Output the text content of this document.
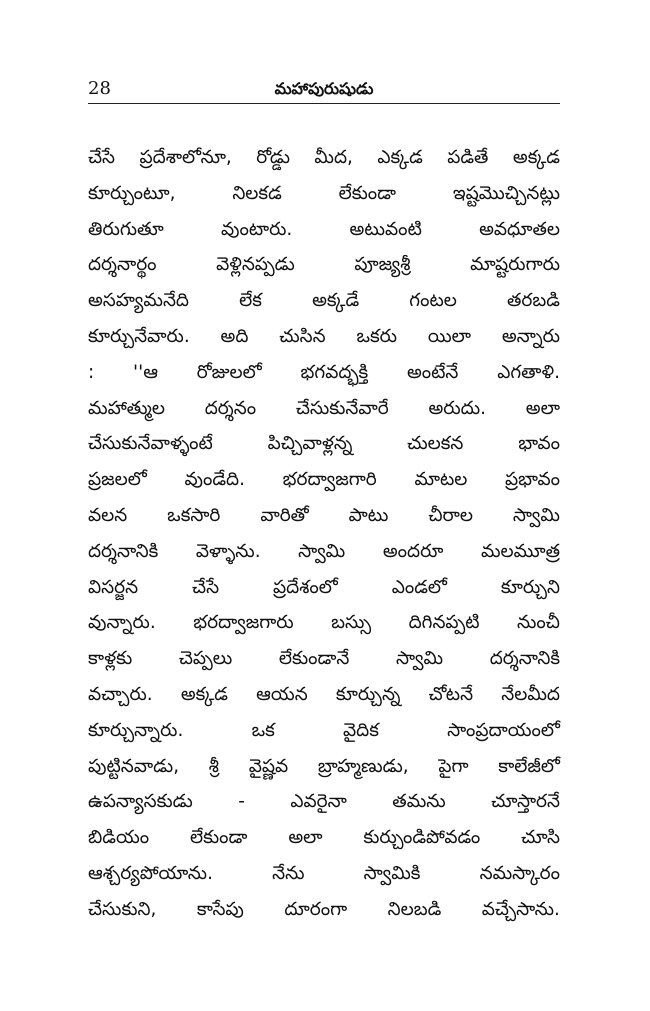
28	మహాపురుషుడు
చేసే ప్రదేశాలోనూ, రోడ్డు మీద, ఎక్కడ పడితే అక్కడ
కూర్చుంటూ,	నిలకడ	లేకుండా	ఇష్టమొచ్చినట్లు
తిరుగుతూ	వుంటారు.	అటువంటి	అవధూతల
దర్శనార్థం	వెళ్లినప్పడు	పూజ్యశ్రీ	మాష్టరుగారు
అసహ్యమనేది	లేక	అక్కడే	గంటల	తరబడి
కూర్చునేవారు. అది చుసిన ఒకరు యిలా అన్నారు
: ''ఆ రోజులలో భగవద్భక్తి అంటేనే ఎగతాళి.
మహాత్ముల దర్శనం చేసుకునేవారే అరుదు. అలా
చేసుకునేవాళ్ళంటే	పిచ్చివాళ్లన్న	చులకన	భావం
ప్రజలలో వుండేది. భరద్వాజగారి మాటల ప్రభావం
వలన ఒకసారి వారితో పాటు చీరాల స్వామి
దర్శనానికి వెళ్ళాను. స్వామి అందరూ మలమూత్ర
విసర్జన	చేసే	ప్రదేశంలో	ఎండలో	కూర్చుని
వున్నారు. భరద్వాజగారు బస్సు దిగినప్పటి నుంచీ
కాళ్లకు	చెప్పలు	లేకుండానే	స్వామి	దర్శనానికి
వచ్చారు. అక్కడ ఆయన కూర్చున్న చోటనే నేలమీద
కూర్చున్నారు.	ఒక	వైదిక	సాంప్రదాయంలో
పుట్టినవాడు, శ్రీ వైష్ణవ బ్రాహ్మణుడు, పైగా కాలేజీలో
ఉపన్యాసకుడు - ఎవరైనా తమను చూస్తారనే
బిడియం లేకుండా అలా కుర్చుండిపోవడం చూసి
ఆశ్చర్యపోయాను.	నేను	స్వామికి	నమస్కారం
చేసుకుని, కాసేపు దూరంగా నిలబడి వచ్చేసాను.
